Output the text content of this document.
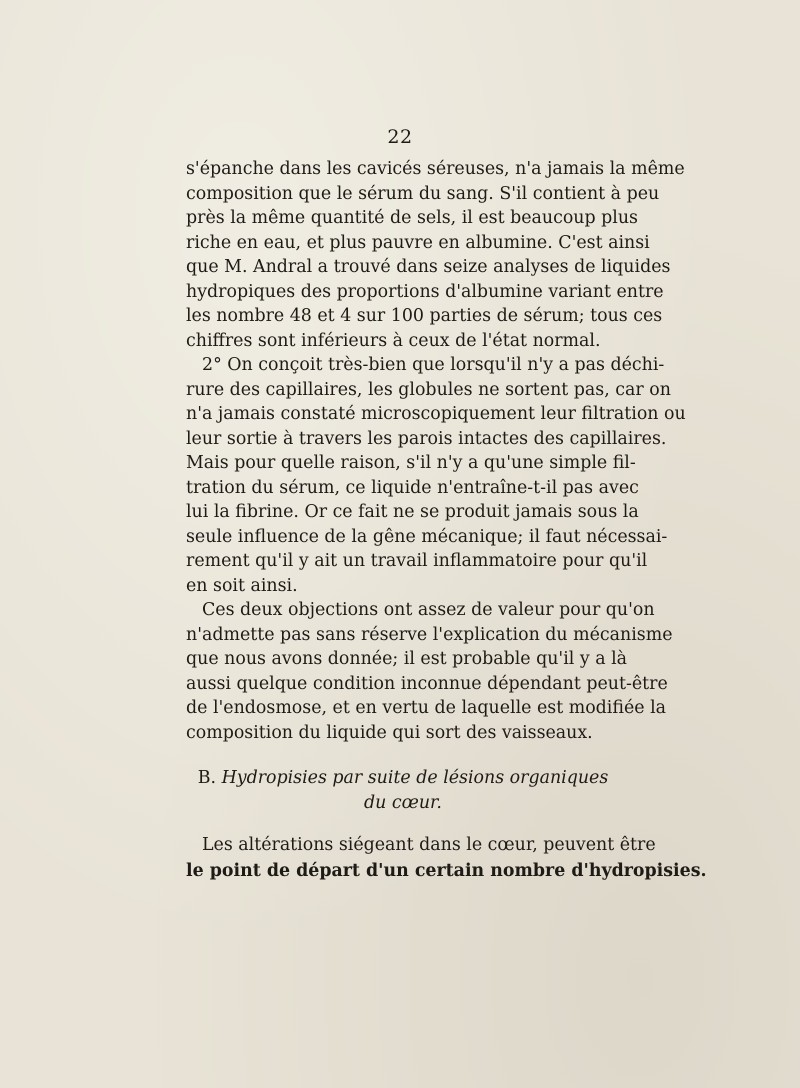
22

s'épanche dans les cavicés séreuses, n'a jamais la même
composition que le sérum du sang. S'il contient à peu
près la même quantité de sels, il est beaucoup plus
riche en eau, et plus pauvre en albumine. C'est ainsi
que M. Andral a trouvé dans seize analyses de liquides
hydropiques des proportions d'albumine variant entre
les nombre 48 et 4 sur 100 parties de sérum; tous ces
chiffres sont inférieurs à ceux de l'état normal.

2° On conçoit très-bien que lorsqu'il n'y a pas déchi-
rure des capillaires, les globules ne sortent pas, car on
n'a jamais constaté microscopiquement leur filtration ou
leur sortie à travers les parois intactes des capillaires.
Mais pour quelle raison, s'il n'y a qu'une simple fil-
tration du sérum, ce liquide n'entraîne-t-il pas avec
lui la fibrine. Or ce fait ne se produit jamais sous la
seule influence de la gêne mécanique; il faut nécessai-
rement qu'il y ait un travail inflammatoire pour qu'il
en soit ainsi.

Ces deux objections ont assez de valeur pour qu'on
n'admette pas sans réserve l'explication du mécanisme
que nous avons donnée; il est probable qu'il y a là
aussi quelque condition inconnue dépendant peut-être
de l'endosmose, et en vertu de laquelle est modifiée la
composition du liquide qui sort des vaisseaux.

B. Hydropisies par suite de lésions organiques
du cœur.
Les altérations siégeant dans le cœur, peuvent être
le point de départ d'un certain nombre d'hydropisies.
